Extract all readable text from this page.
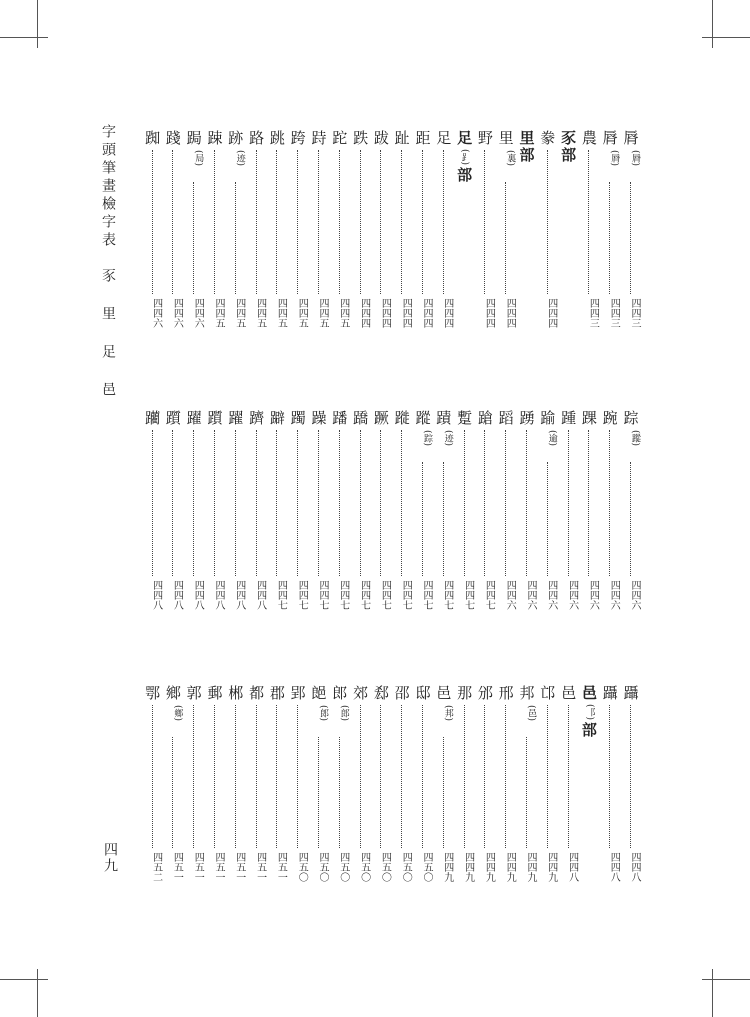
字頭筆畫檢字表　豕 里 足 邑
四九
脣
(脣)
四四三
脣
(脣)
四四三
農
四四三
豕
部
豢
四四四
里
部
里
(裏)
四四四
野
四四四
足
(⻊)
部
足
四四四
距
四四四
趾
四四四
跋
四四四
跌
四四四
跎
四四五
跱
四四五
跨
四四五
跳
四四五
路
四四五
跡
(迹)
四四五
踈
四四五
跼
(局)
四四六
踐
四四六
踟
四四六
踪
(蹤)
四四六
踠
四四六
踝
四四六
踵
四四六
踰
(逾)
四四六
踴
四四六
蹈
四四六
蹌
四四七
蹔
四四七
蹟
(迹)
四四七
蹤
(踪)
四四七
蹝
四四七
蹶
四四七
蹻
四四七
蹯
四四七
躁
四四七
躅
四四七
躃
四四七
躋
四四八
躍
四四八
躓
四四八
躍
四四八
躓
四四八
躪
四四八
躡
四四八
躡
四四八
邑
(⻏)
部
邑
四四八
邙
四四九
邦
(邑)
四四九
邢
四四九
邠
四四九
那
四四九
邑
(邦)
四四九
邸
四五〇
邵
四五〇
郄
四五〇
郊
四五〇
郎
(郎)
四五〇
郒
(郎)
四五〇
郢
四五〇
郡
四五一
都
四五一
郴
四五一
郵
四五一
郭
四五一
鄉
(鄉)
四五一
鄂
四五二
